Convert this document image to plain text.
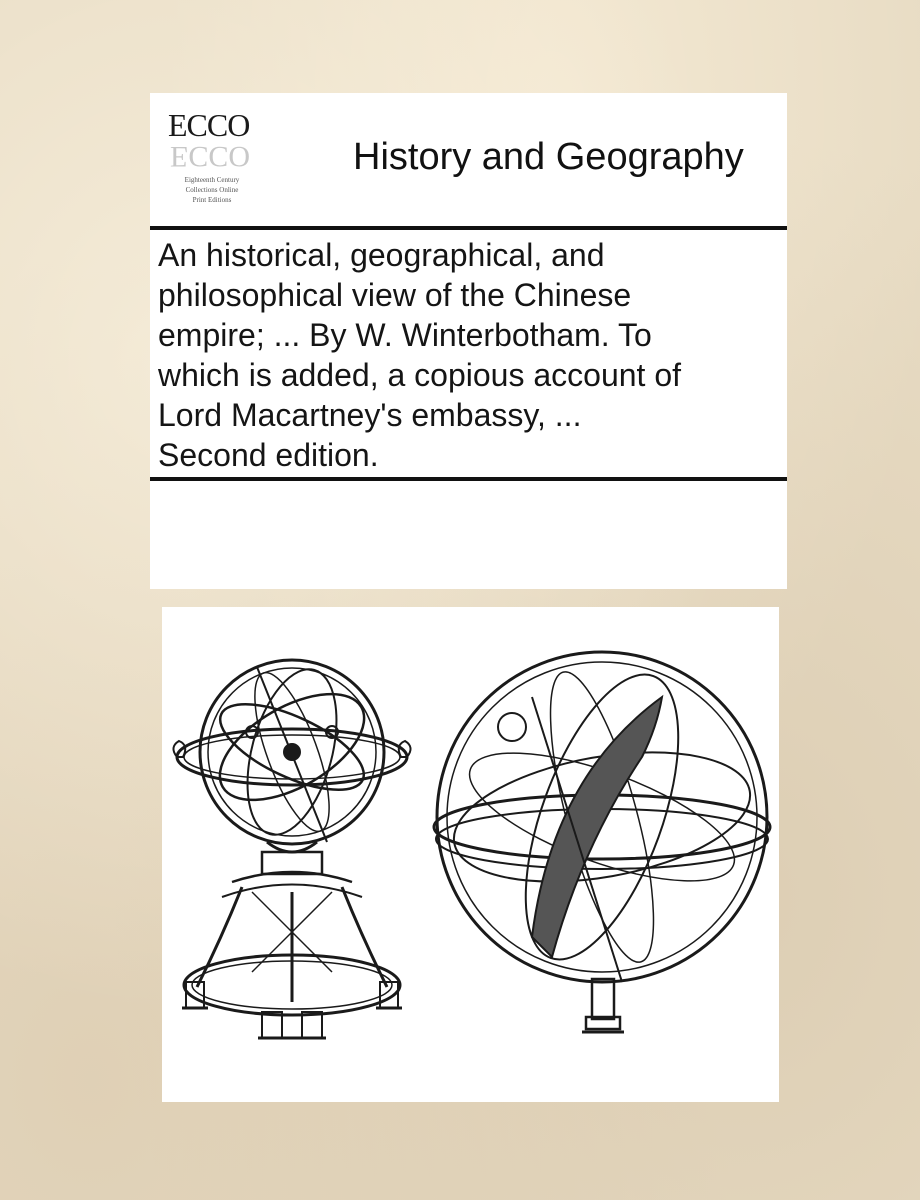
ECCO
ECCO
Eighteenth Century
Collections Online
Print Editions
History and Geography
An historical, geographical, and
philosophical view of the Chinese
empire; ... By W. Winterbotham. To
which is added, a copious account of
Lord Macartney's embassy, ...
Second edition.
